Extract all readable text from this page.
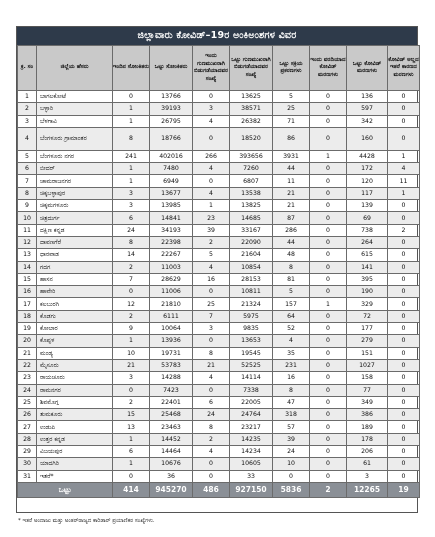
ಜಿಲ್ಲಾವಾರು ಕೋವಿಡ್–19ರ ಅಂಕಿಅಂಶಗಳ ವಿವರ
ಕ್ರ. ಸಂ	ಜಿಲ್ಲೆಯ ಹೆಸರು	ಇಂದಿನ ಸೋಂಕಿತರು	ಒಟ್ಟು ಸೋಂಕಿತರು	ಇಂದು ಗುಣಮುಖರಾಗಿ ಬಿಡುಗಡೆಯಾದವರ ಸಂಖ್ಯೆ	ಒಟ್ಟು ಗುಣಮುಖರಾಗಿ ಬಿಡುಗಡೆಯಾದವರ ಸಂಖ್ಯೆ	ಒಟ್ಟು ಸಕ್ರಿಯ ಪ್ರಕರಣಗಳು	ಇಂದು ವರದಿಯಾದ ಕೋವಿಡ್ ಮರಣಗಳು	ಒಟ್ಟು ಕೋವಿಡ್ ಮರಣಗಳು	ಕೋವಿಡ್ ಅಲ್ಲದ ಇತರೆ ಕಾರಣದ ಮರಣಗಳು
1	ಬಾಗಲಕೋಟೆ	0	13766	0	13625	5	0	136	0
2	ಬಳ್ಳಾರಿ	1	39193	3	38571	25	0	597	0
3	ಬೆಳಗಾವಿ	1	26795	4	26382	71	0	342	0
4	ಬೆಂಗಳೂರು ಗ್ರಾಮಾಂತರ	8	18766	0	18520	86	0	160	0
5	ಬೆಂಗಳೂರು ನಗರ	241	402016	266	393656	3931	1	4428	1
6	ಬೀದರ್	1	7480	4	7260	44	0	172	4
7	ಚಾಮರಾಜನಗರ	1	6949	0	6807	11	0	120	11
8	ಚಿಕ್ಕಬಳ್ಳಾಪುರ	3	13677	4	13538	21	0	117	1
9	ಚಿಕ್ಕಮಗಳೂರು	3	13985	1	13825	21	0	139	0
10	ಚಿತ್ರದುರ್ಗ	6	14841	23	14685	87	0	69	0
11	ದಕ್ಷಿಣ ಕನ್ನಡ	24	34193	39	33167	286	0	738	2
12	ದಾವಣಗೆರೆ	8	22398	2	22090	44	0	264	0
13	ಧಾರವಾಡ	14	22267	5	21604	48	0	615	0
14	ಗದಗ	2	11003	4	10854	8	0	141	0
15	ಹಾಸನ	7	28629	16	28153	81	0	395	0
16	ಹಾವೇರಿ	0	11006	0	10811	5	0	190	0
17	ಕಲಬುರಗಿ	12	21810	25	21324	157	1	329	0
18	ಕೊಡಗು	2	6111	7	5975	64	0	72	0
19	ಕೋಲಾರ	9	10064	3	9835	52	0	177	0
20	ಕೊಪ್ಪಳ	1	13936	0	13653	4	0	279	0
21	ಮಂಡ್ಯ	10	19731	8	19545	35	0	151	0
22	ಮೈಸೂರು	21	53783	21	52525	231	0	1027	0
23	ರಾಯಚೂರು	3	14288	4	14114	16	0	158	0
24	ರಾಮನಗರ	0	7423	0	7338	8	0	77	0
25	ಶಿವಮೊಗ್ಗ	2	22401	6	22005	47	0	349	0
26	ತುಮಕೂರು	15	25468	24	24764	318	0	386	0
27	ಉಡುಪಿ	13	23463	8	23217	57	0	189	0
28	ಉತ್ತರ ಕನ್ನಡ	1	14452	2	14235	39	0	178	0
29	ವಿಜಯಪುರ	6	14464	4	14234	24	0	206	0
30	ಯಾದಗಿರಿ	1	10676	0	10605	10	0	61	0
31	ಇತರೆ*	0	36	0	33	0	0	3	0
ಒಟ್ಟು		414	945270	486	927150	5836	2	12265	19
* ಇತರೆ ಅಂದಾಜು ಮತ್ತು ಅಂತರ್‌ರಾಜ್ಯದ ಕಾರಿಡಾರ್ ಪ್ರಯಾಣಿಕರ ಸಂಖ್ಯೆಗಳು.
